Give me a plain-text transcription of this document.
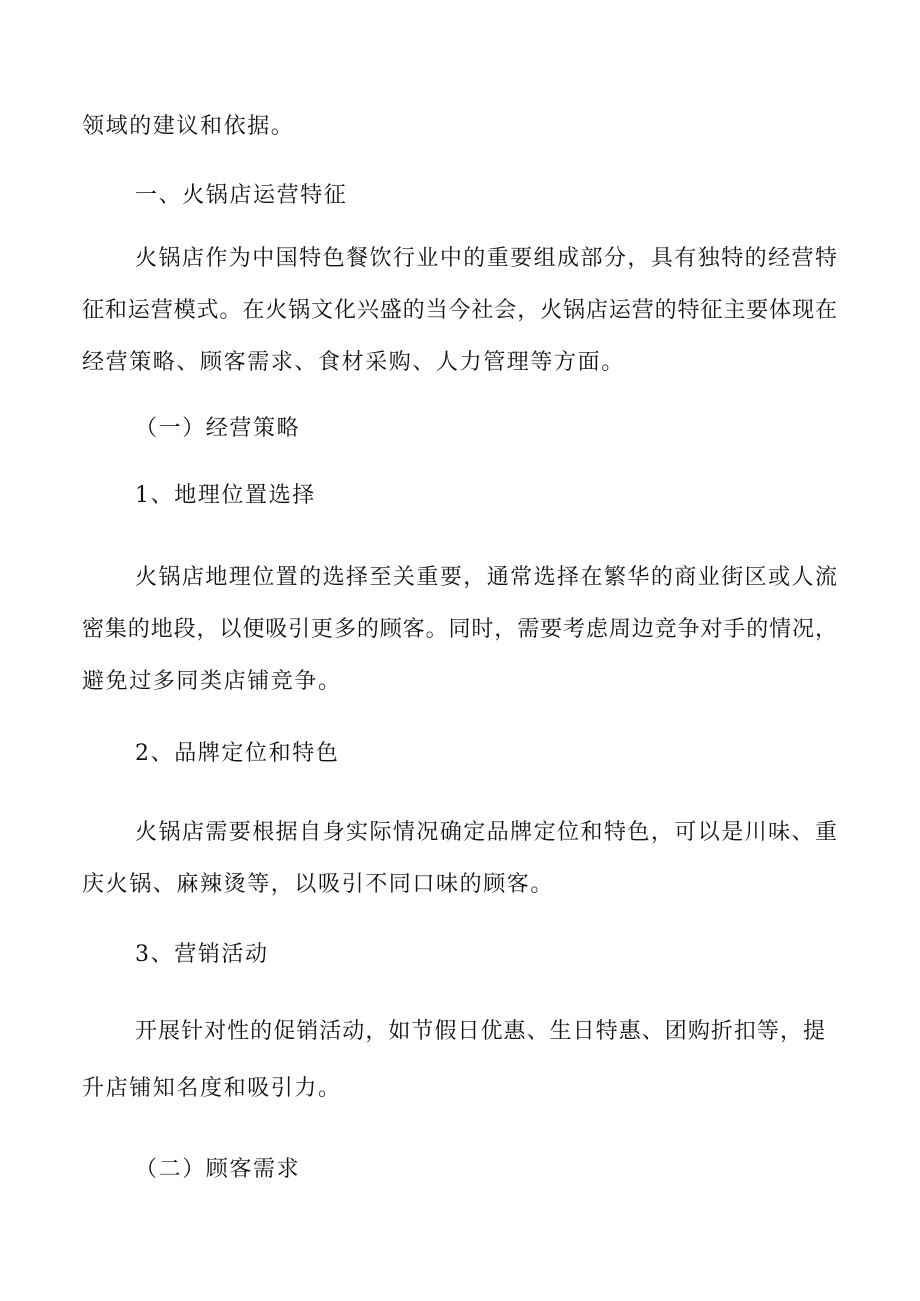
领域的建议和依据。
一、火锅店运营特征
火锅店作为中国特色餐饮行业中的重要组成部分，具有独特的经营特
征和运营模式。在火锅文化兴盛的当今社会，火锅店运营的特征主要体现在
经营策略、顾客需求、食材采购、人力管理等方面。
（一）经营策略
1、地理位置选择
火锅店地理位置的选择至关重要，通常选择在繁华的商业街区或人流
密集的地段，以便吸引更多的顾客。同时，需要考虑周边竞争对手的情况，
避免过多同类店铺竞争。
2、品牌定位和特色
火锅店需要根据自身实际情况确定品牌定位和特色，可以是川味、重
庆火锅、麻辣烫等，以吸引不同口味的顾客。
3、营销活动
开展针对性的促销活动，如节假日优惠、生日特惠、团购折扣等，提
升店铺知名度和吸引力。
（二）顾客需求
